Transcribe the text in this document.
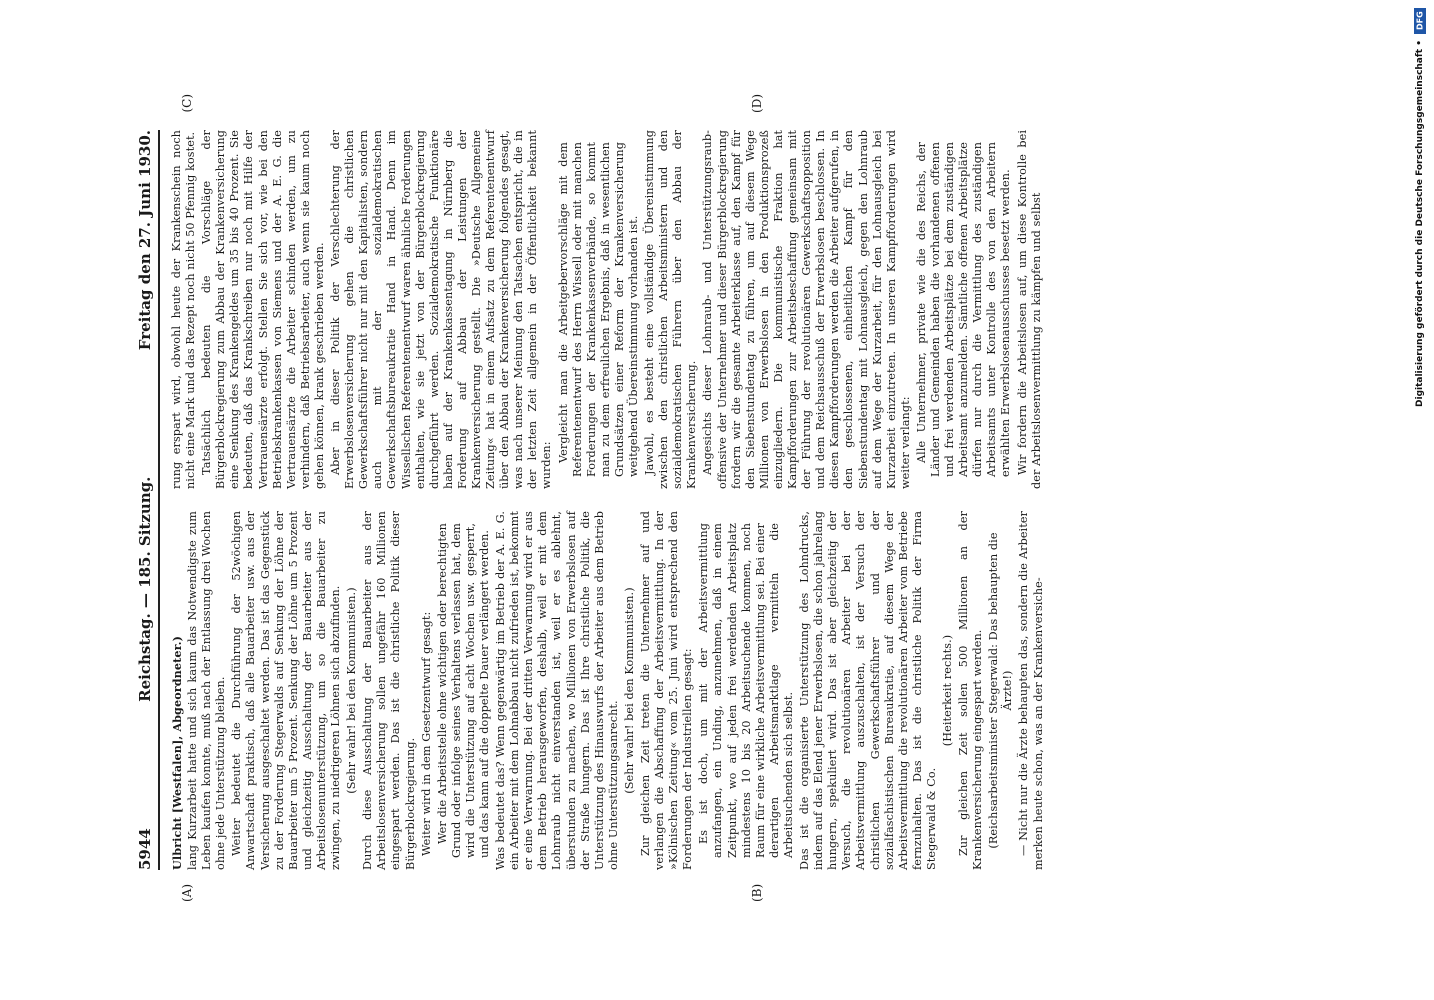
5944
Reichstag. — 185. Sitzung.
Freitag den 27. Juni 1930.
(A)	(B)
(C)	(D)

Ulbricht [Westfalen], Abgeordneter.) lang Kurzarbeit hatte und sich kaum das Notwendigste zum Leben kaufen konnte, muß nach der Entlassung drei Wochen ohne jede Unterstützung bleiben. Weiter bedeutet die Durchführung der 52wöchigen Anwartschaft praktisch, daß alle Bauarbeiter usw. aus der Versicherung ausgeschaltet werden. Das ist das Gegenstück zu der Forderung Stegerwalds auf Senkung der Löhne der Bauarbeiter um 5 Prozent. Senkung der Löhne um 5 Prozent und gleichzeitig Ausschaltung der Bauarbeiter aus der Arbeitslosenunterstützung, um so die Bauarbeiter zu zwingen, zu niedrigeren Löhnen sich abzufinden. (Sehr wahr! bei den Kommunisten.) Durch diese Ausschaltung der Bauarbeiter aus der Arbeitslosenversicherung sollen ungefähr 160 Millionen eingespart werden. Das ist die christliche Politik dieser Bürgerblockregierung. Weiter wird in dem Gesetzentwurf gesagt: Wer die Arbeitsstelle ohne wichtigen oder berechtigten Grund oder infolge seines Verhaltens verlassen hat, dem wird die Unterstützung auf acht Wochen usw. gesperrt, und das kann auf die doppelte Dauer verlängert werden. Was bedeutet das? Wenn gegenwärtig im Betrieb der A. E. G. ein Arbeiter mit dem Lohnabbau nicht zufrieden ist, bekommt er eine Verwarnung. Bei der dritten Verwarnung wird er aus dem Betrieb herausgeworfen, deshalb, weil er mit dem Lohnraub nicht einverstanden ist, weil er es ablehnt, überstunden zu machen, wo Millionen von Erwerbslosen auf der Straße hungern. Das ist Ihre christliche Politik, die Unterstützung des Hinauswurfs der Arbeiter aus dem Betrieb ohne Unterstützungsanrecht. (Sehr wahr! bei den Kommunisten.) Zur gleichen Zeit treten die Unternehmer auf und verlangen die Abschaffung der Arbeitsvermittlung. In der »Kölnischen Zeitung« vom 25. Juni wird entsprechend den Forderungen der Industriellen gesagt: Es ist doch, um mit der Arbeitsvermittlung anzufangen, ein Unding, anzunehmen, daß in einem Zeitpunkt, wo auf jeden frei werdenden Arbeitsplatz mindestens 10 bis 20 Arbeitsuchende kommen, noch Raum für eine wirkliche Arbeitsvermittlung sei. Bei einer derartigen Arbeitsmarktlage vermitteln die Arbeitsuchenden sich selbst. Das ist die organisierte Unterstützung des Lohndrucks, indem auf das Elend jener Erwerbslosen, die schon jahrelang hungern, spekuliert wird. Das ist aber gleichzeitig der Versuch, die revolutionären Arbeiter bei der Arbeitsvermittlung auszuschalten, ist der Versuch der christlichen Gewerkschaftsführer und der sozialfaschistischen Bureaukratie, auf diesem Wege der Arbeitsvermittlung die revolutionären Arbeiter vom Betriebe fernzuhalten. Das ist die christliche Politik der Firma Stegerwald & Co.

(Heiterkeit rechts.) Zur gleichen Zeit sollen 500 Millionen an der Krankenversicherung eingespart werden. (Reichsarbeitsminister Stegerwald: Das behaupten die Ärzte!) — Nicht nur die Ärzte behaupten das, sondern die Arbeiter merken heute schon, was an der Krankenversiche-

rung erspart wird, obwohl heute der Krankenschein noch nicht eine Mark und das Rezept noch nicht 50 Pfennig kostet. Tatsächlich bedeuten die Vorschläge der Bürgerblockregierung zum Abbau der Krankenversicherung eine Senkung des Krankengeldes um 35 bis 40 Prozent. Sie bedeuten, daß das Krankschreiben nur noch mit Hilfe der Vertrauensärzte erfolgt. Stellen Sie sich vor, wie bei den Betriebskrankenkassen von Siemens und der A. E. G. die Vertrauensärzte die Arbeiter schinden werden, um zu verhindern, daß Betriebsarbeiter, auch wenn sie kaum noch gehen können, krank geschrieben werden. Aber in dieser Politik der Verschlechterung der Erwerbslosenversicherung gehen die christlichen Gewerkschaftsführer nicht nur mit den Kapitalisten, sondern auch mit der sozialdemokratischen Gewerkschaftsbureaukratie Hand in Hand. Denn im Wissellschen Referentenentwurf waren ähnliche Forderungen enthalten, wie sie jetzt von der Bürgerblockregierung durchgeführt werden. Sozialdemokratische Funktionäre haben auf der Krankenkassentagung in Nürnberg die Forderung auf Abbau der Leistungen der Krankenversicherung gestellt. Die »Deutsche Allgemeine Zeitung« hat in einem Aufsatz zu dem Referentenentwurf über den Abbau der Krankenversicherung folgendes gesagt, was nach unserer Meinung den Tatsachen entspricht, die in der letzten Zeit allgemein in der Öffentlichkeit bekannt wurden:

Vergleicht man die Arbeitgebervorschläge mit dem Referentenentwurf des Herrn Wissell oder mit manchen Forderungen der Krankenkassenverbände, so kommt man zu dem erfreulichen Ergebnis, daß in wesentlichen Grundsätzen einer Reform der Krankenversicherung weitgehend Übereinstimmung vorhanden ist. Jawohl, es besteht eine vollständige Übereinstimmung zwischen den christlichen Arbeitsministern und den sozialdemokratischen Führern über den Abbau der Krankenversicherung. Angesichts dieser Lohnraub- und Unterstützungsraub-offensive der Unternehmer und dieser Bürgerblockregierung fordern wir die gesamte Arbeiterklasse auf, den Kampf für den Siebenstundentag zu führen, um auf diesem Wege Millionen von Erwerbslosen in den Produktionsprozeß einzugliedern. Die kommunistische Fraktion hat Kampfforderungen zur Arbeitsbeschaffung gemeinsam mit der Führung der revolutionären Gewerkschaftsopposition und dem Reichsausschuß der Erwerbslosen beschlossen. In diesen Kampfforderungen werden die Arbeiter aufgerufen, in den geschlossenen, einheitlichen Kampf für den Siebenstundentag mit Lohnausgleich, gegen den Lohnraub auf dem Wege der Kurzarbeit, für den Lohnausgleich bei Kurzarbeit einzutreten. In unseren Kampfforderungen wird weiter verlangt: Alle Unternehmer, private wie die des Reichs, der Länder und Gemeinden haben die vorhandenen offenen und frei werdenden Arbeitsplätze bei dem zuständigen Arbeitsamt anzumelden. Sämtliche offenen Arbeitsplätze dürfen nur durch die Vermittlung des zuständigen Arbeitsamts unter Kontrolle des von den Arbeitern erwählten Erwerbslosenausschusses besetzt werden. Wir fordern die Arbeitslosen auf, um diese Kontrolle bei der Arbeitslosenvermittlung zu kämpfen und selbst

DFG
Digitalisierung gefördert durch die Deutsche Forschungsgemeinschaft •
